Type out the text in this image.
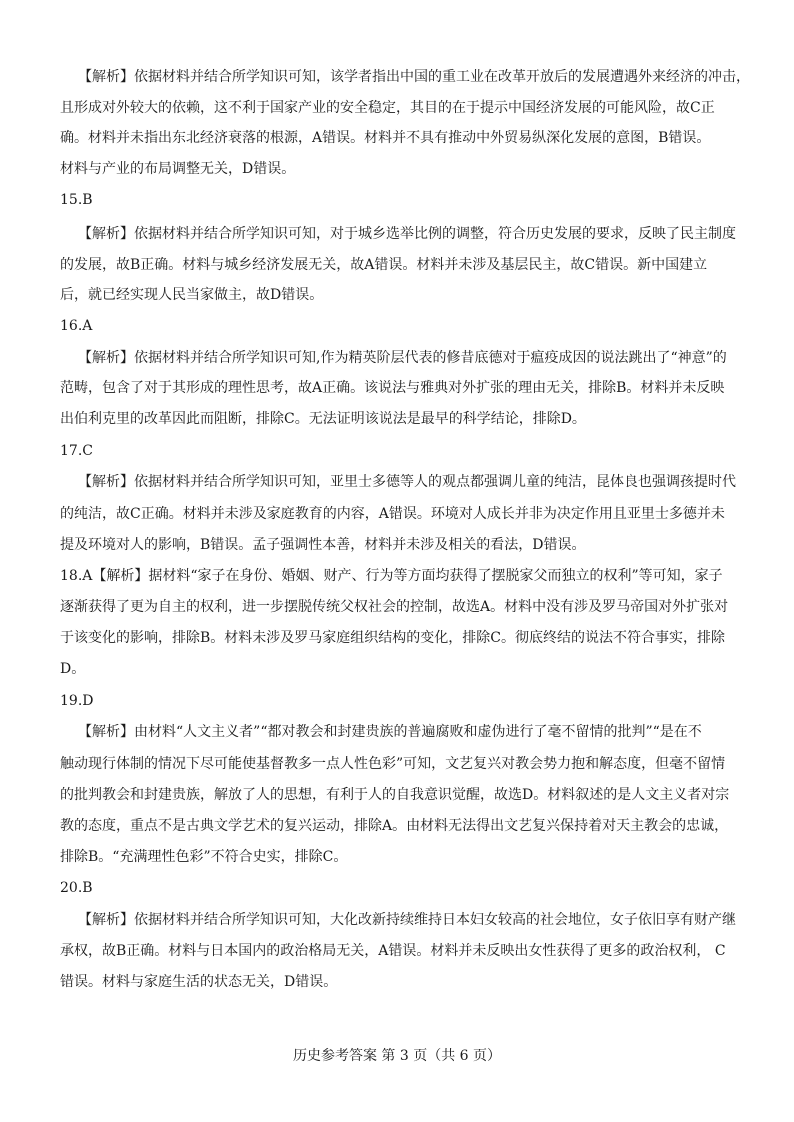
【解析】依据材料并结合所学知识可知，该学者指出中国的重工业在改革开放后的发展遭遇外来经济的冲击，
且形成对外较大的依赖，这不利于国家产业的安全稳定，其目的在于提示中国经济发展的可能风险，故C正
确。材料并未指出东北经济衰落的根源，A错误。材料并不具有推动中外贸易纵深化发展的意图，B错误。
材料与产业的布局调整无关，D错误。
15.B
【解析】依据材料并结合所学知识可知，对于城乡选举比例的调整，符合历史发展的要求，反映了民主制度
的发展，故B正确。材料与城乡经济发展无关，故A错误。材料并未涉及基层民主，故C错误。新中国建立
后，就已经实现人民当家做主，故D错误。
16.A
【解析】依据材料并结合所学知识可知,作为精英阶层代表的修昔底德对于瘟疫成因的说法跳出了“神意”的
范畴，包含了对于其形成的理性思考，故A正确。该说法与雅典对外扩张的理由无关，排除B。材料并未反映
出伯利克里的改革因此而阻断，排除C。无法证明该说法是最早的科学结论，排除D。
17.C
【解析】依据材料并结合所学知识可知，亚里士多德等人的观点都强调儿童的纯洁，昆体良也强调孩提时代
的纯洁，故C正确。材料并未涉及家庭教育的内容，A错误。环境对人成长并非为决定作用且亚里士多德并未
提及环境对人的影响，B错误。孟子强调性本善，材料并未涉及相关的看法，D错误。
18.A【解析】据材料“家子在身份、婚姻、财产、行为等方面均获得了摆脱家父而独立的权利”等可知，家子
逐渐获得了更为自主的权利，进一步摆脱传统父权社会的控制，故选A。材料中没有涉及罗马帝国对外扩张对
于该变化的影响，排除B。材料未涉及罗马家庭组织结构的变化，排除C。彻底终结的说法不符合事实，排除
D。
19.D
【解析】由材料“人文主义者”“都对教会和封建贵族的普遍腐败和虚伪进行了毫不留情的批判”“是在不
触动现行体制的情况下尽可能使基督教多一点人性色彩”可知，文艺复兴对教会势力抱和解态度，但毫不留情
的批判教会和封建贵族，解放了人的思想，有利于人的自我意识觉醒，故选D。材料叙述的是人文主义者对宗
教的态度，重点不是古典文学艺术的复兴运动，排除A。由材料无法得出文艺复兴保持着对天主教会的忠诚，
排除B。“充满理性色彩”不符合史实，排除C。
20.B
【解析】依据材料并结合所学知识可知，大化改新持续维持日本妇女较高的社会地位，女子依旧享有财产继
承权，故B正确。材料与日本国内的政治格局无关，A错误。材料并未反映出女性获得了更多的政治权利， C
错误。材料与家庭生活的状态无关，D错误。
历史参考答案 第 3 页（共 6 页）
